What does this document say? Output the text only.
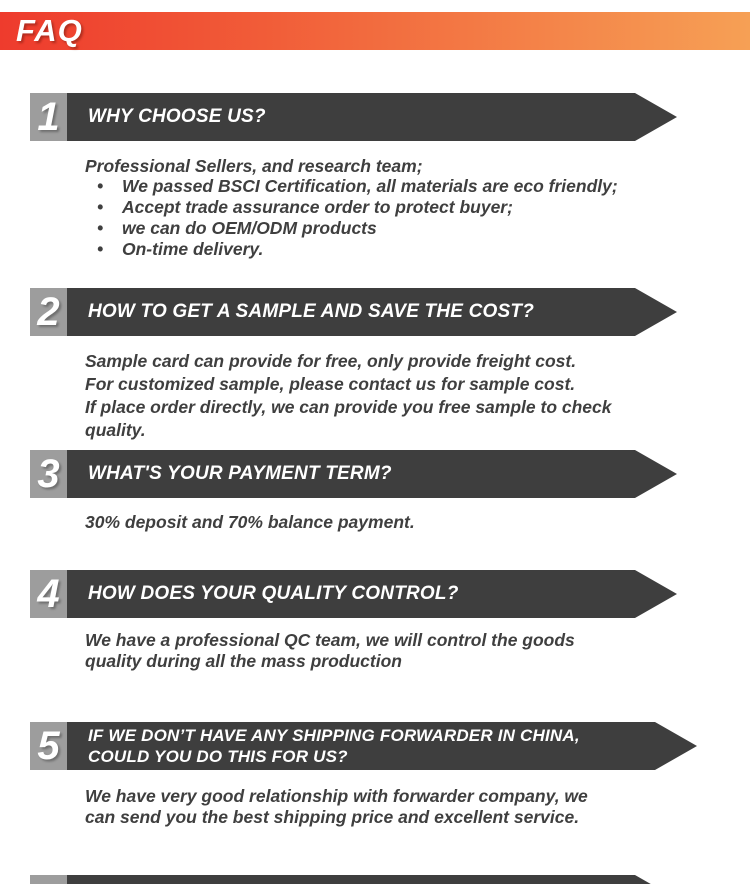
FAQ
1	WHY CHOOSE US?
Professional Sellers, and research team;
•	We passed BSCI Certification, all materials are eco friendly;
•	Accept trade assurance order to protect buyer;
•	we can do OEM/ODM products
•	On-time delivery.
2	HOW TO GET A SAMPLE AND SAVE THE COST?
Sample card can provide for free, only provide freight cost.
For customized sample, please contact us for sample cost.
If place order directly, we can provide you free sample to check
quality.
3	WHAT'S YOUR PAYMENT TERM?
30% deposit and 70% balance payment.
4	HOW DOES YOUR QUALITY CONTROL?
We have a professional QC team, we will control the goods
quality during all the mass production
5	IF WE DON’T HAVE ANY SHIPPING FORWARDER IN CHINA,
COULD YOU DO THIS FOR US?
We have very good relationship with forwarder company, we
can send you the best shipping price and excellent service.
